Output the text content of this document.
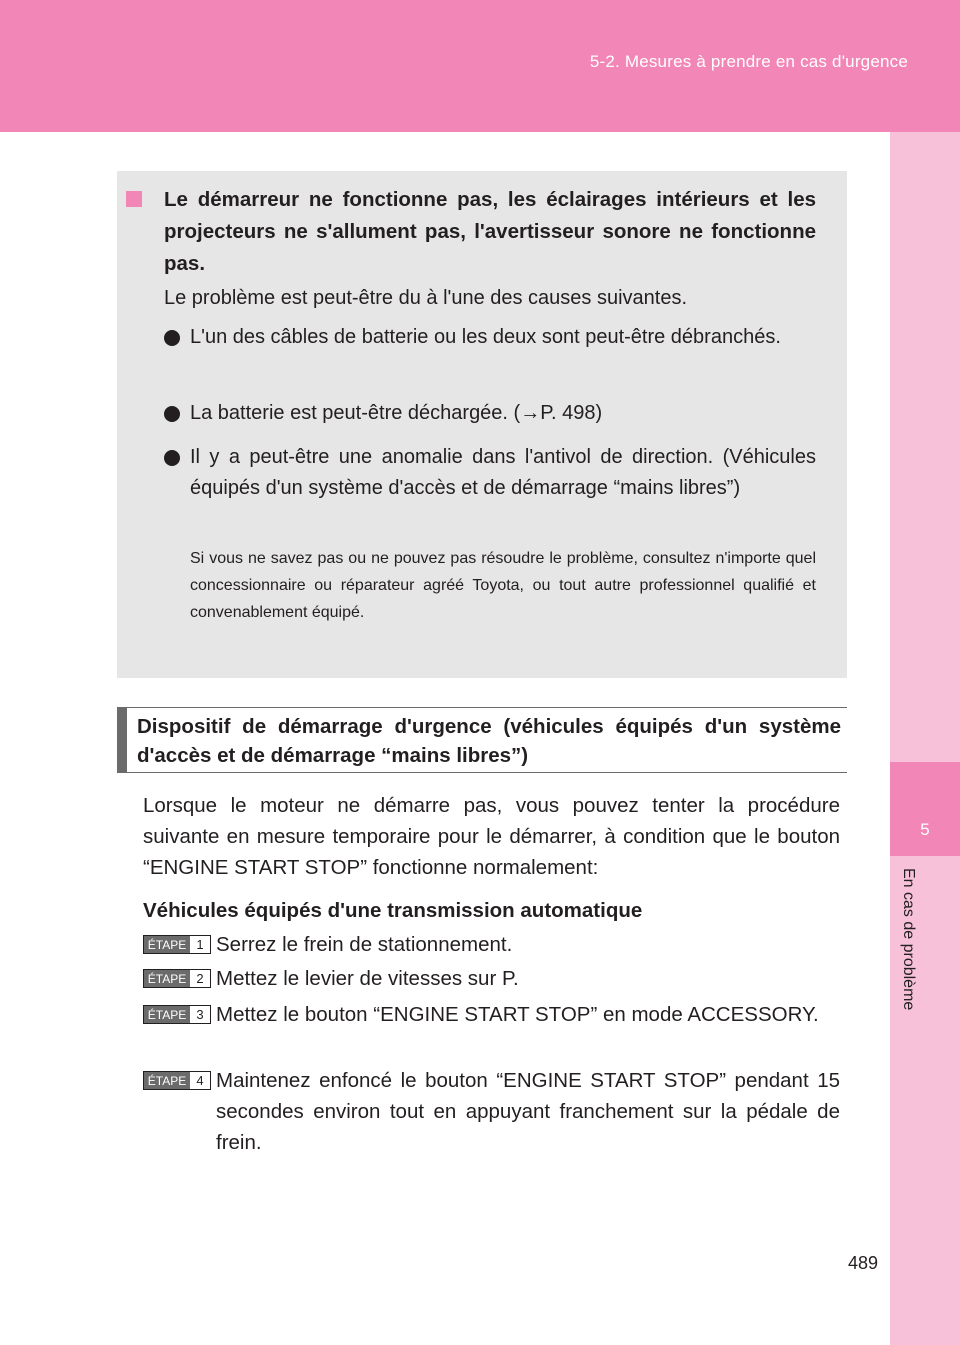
5-2. Mesures à prendre en cas d'urgence
5
En cas de problème
Le démarreur ne fonctionne pas, les éclairages intérieurs et les projecteurs ne s'allument pas, l'avertisseur sonore ne fonctionne pas.
Le problème est peut-être du à l'une des causes suivantes.
L'un des câbles de batterie ou les deux sont peut-être débranchés.
La batterie est peut-être déchargée. (→P. 498)
Il y a peut-être une anomalie dans l'antivol de direction. (Véhicules équipés d'un système d'accès et de démarrage “mains libres”)
Si vous ne savez pas ou ne pouvez pas résoudre le problème, consultez n'importe quel concessionnaire ou réparateur agréé Toyota, ou tout autre professionnel qualifié et convenablement équipé.
Dispositif de démarrage d'urgence (véhicules équipés d'un système d'accès et de démarrage “mains libres”)
Lorsque le moteur ne démarre pas, vous pouvez tenter la procédure suivante en mesure temporaire pour le démarrer, à condition que le bouton “ENGINE START STOP” fonctionne normalement:
Véhicules équipés d'une transmission automatique
ÉTAPE 1 Serrez le frein de stationnement.
ÉTAPE 2 Mettez le levier de vitesses sur P.
ÉTAPE 3 Mettez le bouton “ENGINE START STOP” en mode ACCESSORY.
ÉTAPE 4 Maintenez enfoncé le bouton “ENGINE START STOP” pendant 15 secondes environ tout en appuyant franchement sur la pédale de frein.
489
